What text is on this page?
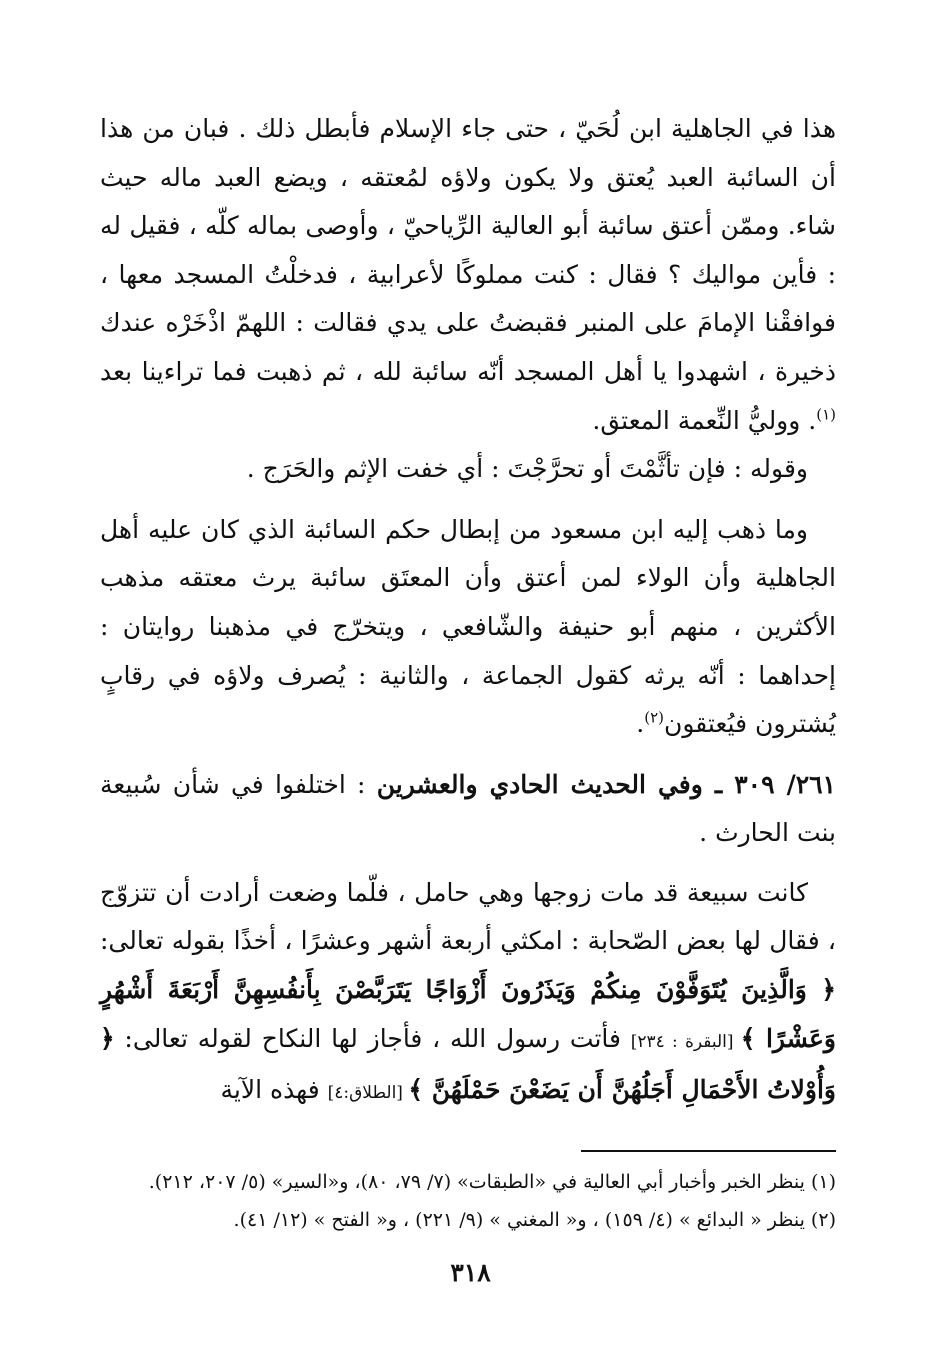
هذا في الجاهلية ابن لُحَيّ ، حتى جاء الإسلام فأبطل ذلك . فبان من هذا أن السائبة العبد يُعتق ولا يكون ولاؤه لمُعتقه ، ويضع العبد ماله حيث شاء. وممّن أعتق سائبة أبو العالية الرِّياحيّ ، وأوصى بماله كلّه ، فقيل له : فأين مواليك ؟ فقال : كنت مملوكًا لأعرابية ، فدخلْتُ المسجد معها ، فوافقْنا الإمامَ على المنبر فقبضتُ على يدي فقالت : اللهمّ اذْخَرْه عندك ذخيرة ، اشهدوا يا أهل المسجد أنّه سائبة لله ، ثم ذهبت فما تراءينا بعد $^{(١)}$. ووليُّ النِّعمة المعتق.

وقوله : فإن تأثَّمْتَ أو تحرَّجْتَ : أي خفت الإثم والحَرَج .

وما ذهب إليه ابن مسعود من إبطال حكم السائبة الذي كان عليه أهل الجاهلية وأن الولاء لمن أعتق وأن المعتَق سائبة يرث معتقه مذهب الأكثرين ، منهم أبو حنيفة والشّافعي ، ويتخرّج في مذهبنا روايتان : إحداهما : أنّه يرثه كقول الجماعة ، والثانية : يُصرف ولاؤه في رقابٍ يُشترون فيُعتقون$^{(٢)}$.

٢٦١/ ٣٠٩ ـ وفي الحديث الحادي والعشرين : اختلفوا في شأن سُبيعة بنت الحارث .

كانت سبيعة قد مات زوجها وهي حامل ، فلّما وضعت أرادت أن تتزوّج ، فقال لها بعض الصّحابة : امكثي أربعة أشهر وعشرًا ، أخذًا بقوله تعالى: ﴿ وَالَّذِينَ يُتَوَفَّوْنَ مِنكُمْ وَيَذَرُونَ أَزْوَاجًا يَتَرَبَّصْنَ بِأَنفُسِهِنَّ أَرْبَعَةَ أَشْهُرٍ وَعَشْرًا ﴾ [البقرة : ٢٣٤] فأتت رسول الله ، فأجاز لها النكاح لقوله تعالى: ﴿ وَأُوْلاتُ الأَحْمَالِ أَجَلُهُنَّ أَن يَضَعْنَ حَمْلَهُنَّ ﴾ [الطلاق:٤] فهذه الآية

(١) ينظر الخبر وأخبار أبي العالية في «الطبقات» (٧/ ٧٩، ٨٠)، و«السير» (٥/ ٢٠٧، ٢١٢).

(٢) ينظر « البدائع » (٤/ ١٥٩) ، و« المغني » (٩/ ٢٢١) ، و« الفتح » (١٢/ ٤١).

٣١٨
